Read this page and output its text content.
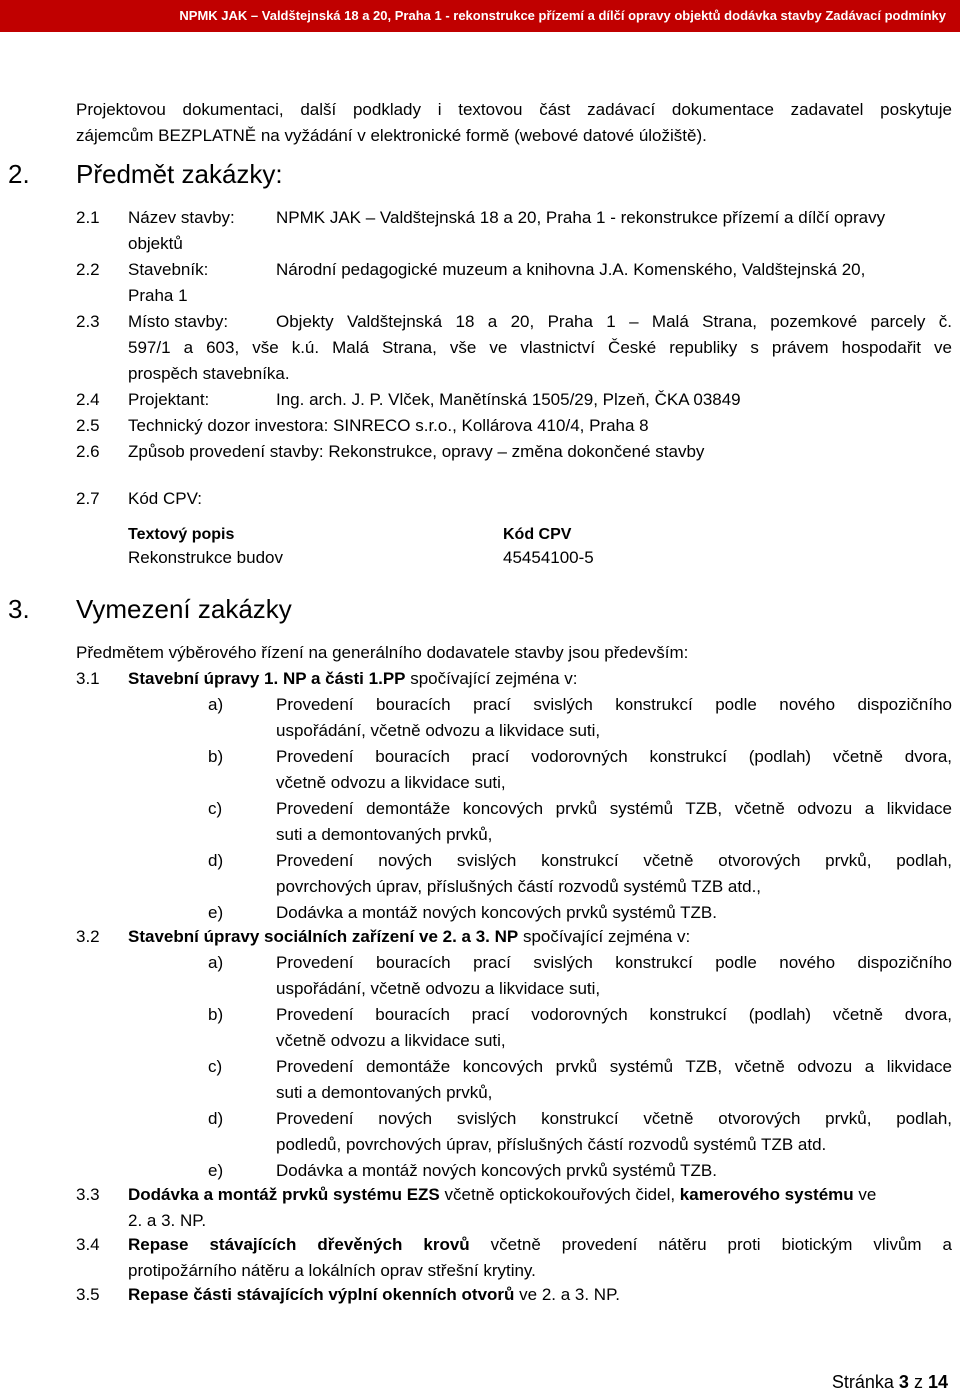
NPMK JAK – Valdštejnská 18 a 20, Praha 1 - rekonstrukce přízemí a dílčí opravy objektů dodávka stavby Zadávací podmínky
Projektovou dokumentaci, další podklady i textovou část zadávací dokumentace zadavatel poskytuje
zájemcům BEZPLATNĚ na vyžádání v elektronické formě (webové datové úložiště).
2. Předmět zakázky:
2.1 Název stavby: NPMK JAK – Valdštejnská 18 a 20, Praha 1 - rekonstrukce přízemí a dílčí opravy
objektů
2.2 Stavebník:	Národní pedagogické muzeum a knihovna J.A. Komenského, Valdštejnská 20,
Praha 1
2.3 Místo stavby:	Objekty Valdštejnská 18 a 20, Praha 1 – Malá Strana, pozemkové parcely č.
597/1 a 603, vše k.ú. Malá Strana, vše ve vlastnictví České republiky s právem hospodařit ve
prospěch stavebníka.
2.4 Projektant:	Ing. arch. J. P. Vlček, Manětínská 1505/29, Plzeň, ČKA 03849
2.5 Technický dozor investora: SINRECO s.r.o., Kollárova 410/4, Praha 8
2.6 Způsob provedení stavby: Rekonstrukce, opravy – změna dokončené stavby
2.7 Kód CPV:
Textový popis	Kód CPV
Rekonstrukce budov	45454100-5
3. Vymezení zakázky
Předmětem výběrového řízení na generálního dodavatele stavby jsou především:
3.1 Stavební úpravy 1. NP a části 1.PP spočívající zejména v:
a)	Provedení bouracích prací svislých konstrukcí podle nového dispozičního
uspořádání, včetně odvozu a likvidace suti,
b)	Provedení bouracích prací vodorovných konstrukcí (podlah) včetně dvora,
včetně odvozu a likvidace suti,
c)	Provedení demontáže koncových prvků systémů TZB, včetně odvozu a likvidace
suti a demontovaných prvků,
d)	Provedení nových svislých konstrukcí včetně otvorových prvků, podlah,
povrchových úprav, příslušných částí rozvodů systémů TZB atd.,
e)	Dodávka a montáž nových koncových prvků systémů TZB.
3.2 Stavební úpravy sociálních zařízení ve 2. a 3. NP spočívající zejména v:
a)	Provedení bouracích prací svislých konstrukcí podle nového dispozičního
uspořádání, včetně odvozu a likvidace suti,
b)	Provedení bouracích prací vodorovných konstrukcí (podlah) včetně dvora,
včetně odvozu a likvidace suti,
c)	Provedení demontáže koncových prvků systémů TZB, včetně odvozu a likvidace
suti a demontovaných prvků,
d)	Provedení nových svislých konstrukcí včetně otvorových prvků, podlah,
podledů, povrchových úprav, příslušných částí rozvodů systémů TZB atd.
e)	Dodávka a montáž nových koncových prvků systémů TZB.
3.3 Dodávka a montáž prvků systému EZS včetně optickokouřových čidel, kamerového systému ve
2. a 3. NP.
3.4 Repase stávajících dřevěných krovů včetně provedení nátěru proti biotickým vlivům a
protipožárního nátěru a lokálních oprav střešní krytiny.
3.5 Repase části stávajících výplní okenních otvorů ve 2. a 3. NP.
Stránka 3 z 14
